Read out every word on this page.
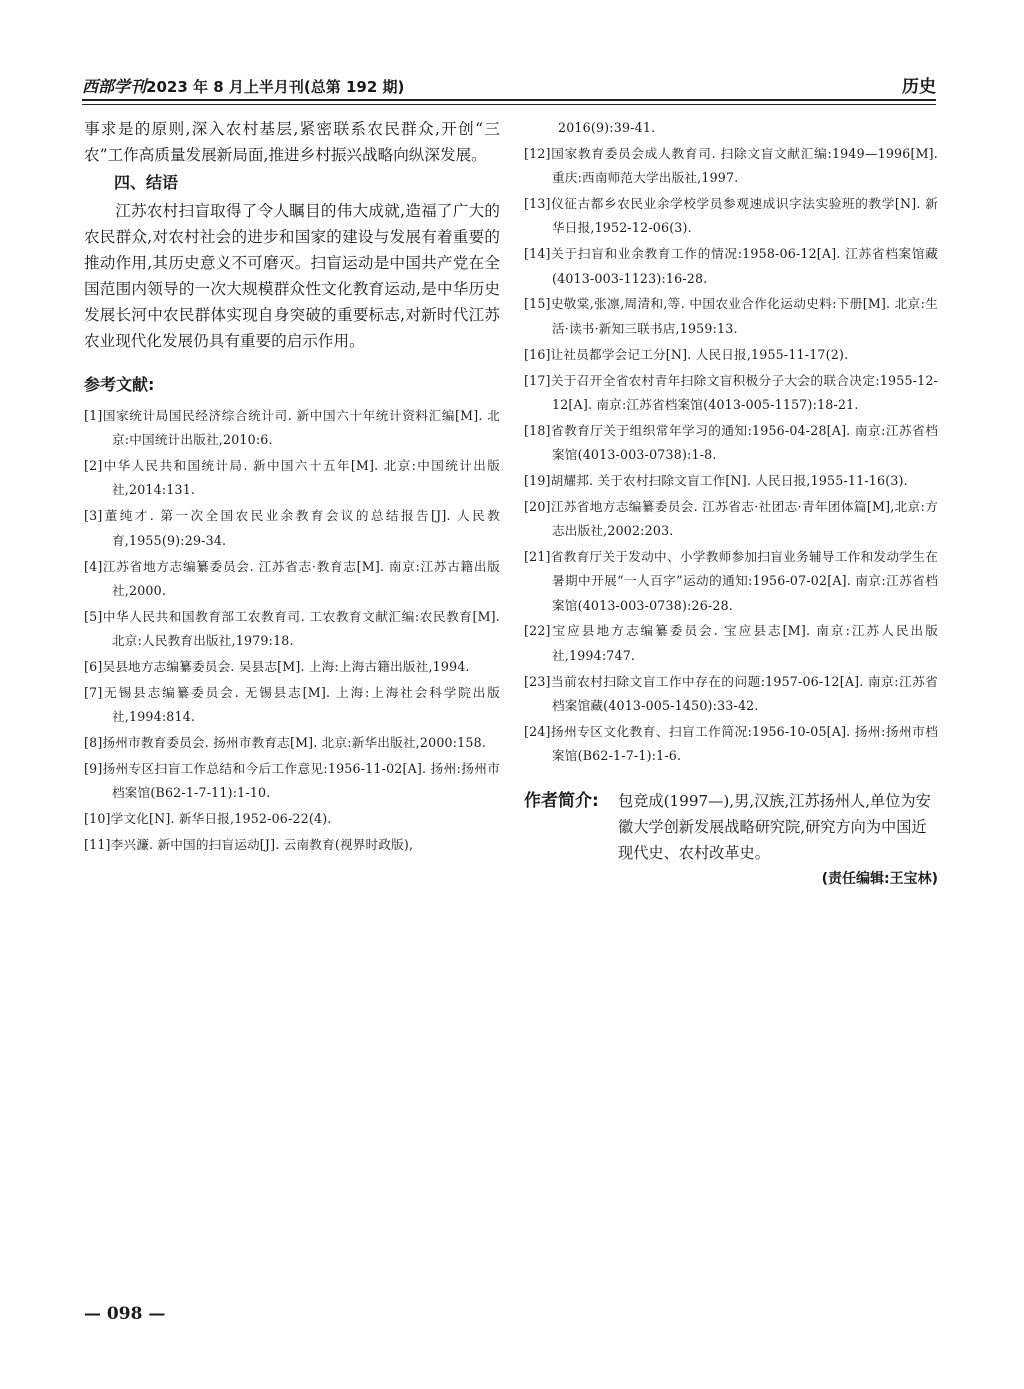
西部学刊2023 年 8 月上半月刊(总第 192 期)	历史

事求是的原则,深入农村基层,紧密联系农民群众,开创“三农”工作高质量发展新局面,推进乡村振兴战略向纵深发展。

四、结语

江苏农村扫盲取得了令人瞩目的伟大成就,造福了广大的农民群众,对农村社会的进步和国家的建设与发展有着重要的推动作用,其历史意义不可磨灭。扫盲运动是中国共产党在全国范围内领导的一次大规模群众性文化教育运动,是中华历史发展长河中农民群体实现自身突破的重要标志,对新时代江苏农业现代化发展仍具有重要的启示作用。

参考文献:
[1]国家统计局国民经济综合统计司. 新中国六十年统计资料汇编[M]. 北京:中国统计出版社,2010:6.
[2]中华人民共和国统计局. 新中国六十五年[M]. 北京:中国统计出版社,2014:131.
[3]董纯才. 第一次全国农民业余教育会议的总结报告[J]. 人民教育,1955(9):29-34.
[4]江苏省地方志编纂委员会. 江苏省志·教育志[M]. 南京:江苏古籍出版社,2000.
[5]中华人民共和国教育部工农教育司. 工农教育文献汇编:农民教育[M]. 北京:人民教育出版社,1979:18.
[6]吴县地方志编纂委员会. 吴县志[M]. 上海:上海古籍出版社,1994.
[7]无锡县志编纂委员会. 无锡县志[M]. 上海:上海社会科学院出版社,1994:814.
[8]扬州市教育委员会. 扬州市教育志[M]. 北京:新华出版社,2000:158.
[9]扬州专区扫盲工作总结和今后工作意见:1956-11-02[A]. 扬州:扬州市档案馆(B62-1-7-11):1-10.
[10]学文化[N]. 新华日报,1952-06-22(4).
[11]李兴濂. 新中国的扫盲运动[J]. 云南教育(视界时政版),
2016(9):39-41.
[12]国家教育委员会成人教育司. 扫除文盲文献汇编:1949—1996[M]. 重庆:西南师范大学出版社,1997.
[13]仪征古都乡农民业余学校学员参观速成识字法实验班的教学[N]. 新华日报,1952-12-06(3).
[14]关于扫盲和业余教育工作的情况:1958-06-12[A]. 江苏省档案馆藏(4013-003-1123):16-28.
[15]史敬棠,张凛,周清和,等. 中国农业合作化运动史料:下册[M]. 北京:生活·读书·新知三联书店,1959:13.
[16]让社员都学会记工分[N]. 人民日报,1955-11-17(2).
[17]关于召开全省农村青年扫除文盲积极分子大会的联合决定:1955-12-12[A]. 南京:江苏省档案馆(4013-005-1157):18-21.
[18]省教育厅关于组织常年学习的通知:1956-04-28[A]. 南京:江苏省档案馆(4013-003-0738):1-8.
[19]胡耀邦. 关于农村扫除文盲工作[N]. 人民日报,1955-11-16(3).
[20]江苏省地方志编纂委员会. 江苏省志·社团志·青年团体篇[M],北京:方志出版社,2002:203.
[21]省教育厅关于发动中、小学教师参加扫盲业务辅导工作和发动学生在暑期中开展“一人百字”运动的通知:1956-07-02[A]. 南京:江苏省档案馆(4013-003-0738):26-28.
[22]宝应县地方志编纂委员会. 宝应县志[M]. 南京:江苏人民出版社,1994:747.
[23]当前农村扫除文盲工作中存在的问题:1957-06-12[A]. 南京:江苏省档案馆藏(4013-005-1450):33-42.
[24]扬州专区文化教育、扫盲工作简况:1956-10-05[A]. 扬州:扬州市档案馆(B62-1-7-1):1-6.
作者简介:	包竞成(1997—),男,汉族,江苏扬州人,单位为安徽大学创新发展战略研究院,研究方向为中国近现代史、农村改革史。

(责任编辑:王宝林)
— 098 —
